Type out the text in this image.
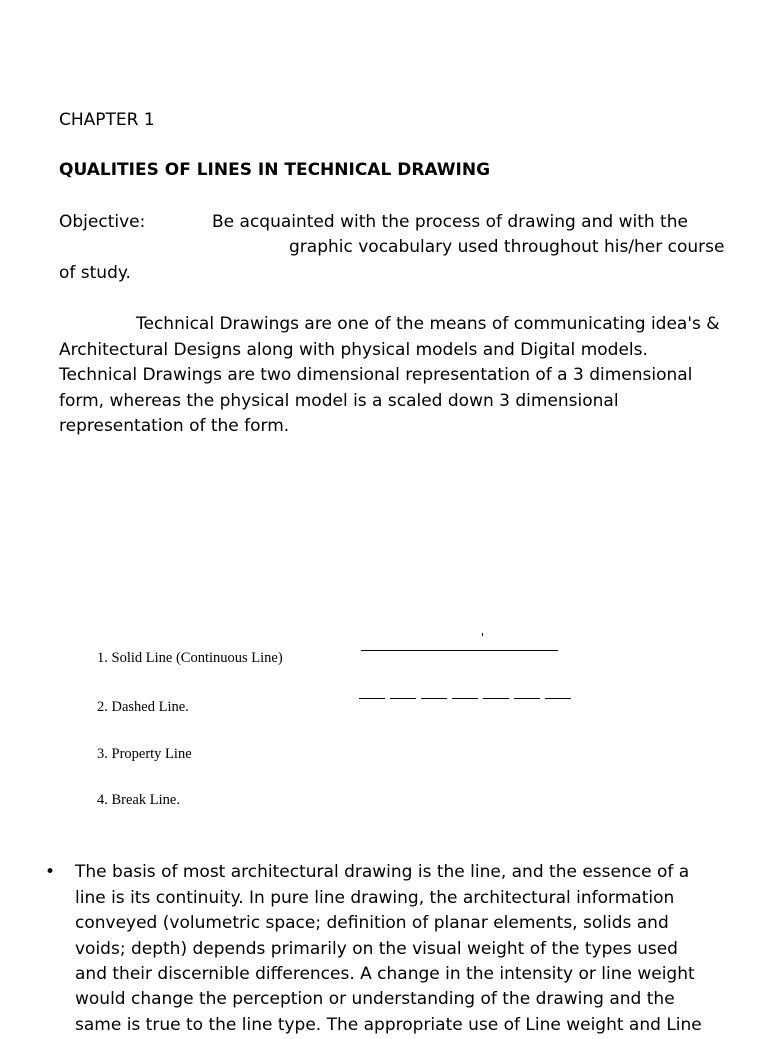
CHAPTER 1
QUALITIES OF LINES IN TECHNICAL DRAWING
Objective:	Be acquainted with the process of drawing and with the
graphic vocabulary used throughout his/her course
of study.
Technical Drawings are one of the means of communicating idea's &
Architectural Designs along with physical models and Digital models.
Technical Drawings are two dimensional representation of a 3 dimensional
form, whereas the physical model is a scaled down 3 dimensional
representation of the form.
1. Solid Line (Continuous Line)
2. Dashed Line.
3. Property Line
4. Break Line.
• The basis of most architectural drawing is the line, and the essence of a
line is its continuity. In pure line drawing, the architectural information
conveyed (volumetric space; definition of planar elements, solids and
voids; depth) depends primarily on the visual weight of the types used
and their discernible differences. A change in the intensity or line weight
would change the perception or understanding of the drawing and the
same is true to the line type. The appropriate use of Line weight and Line
